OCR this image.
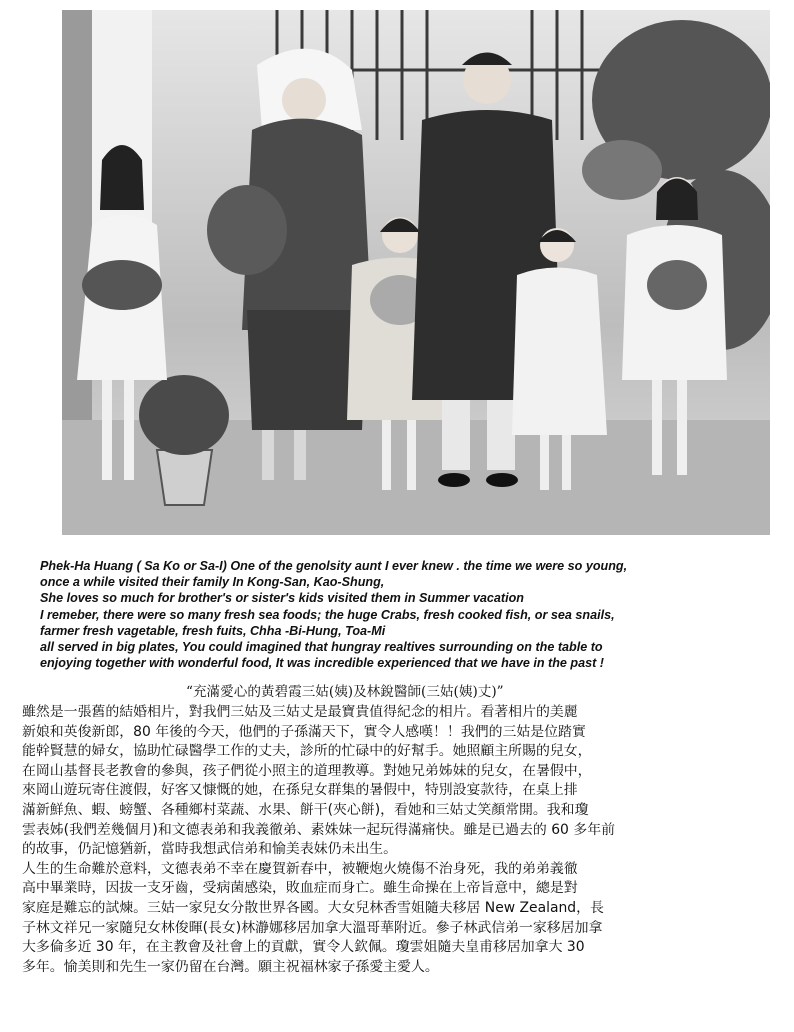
Phek-Ha Huang ( Sa Ko or Sa-I) One of the genolsity aunt I ever knew . the time we were so young,
once a while visited their family In Kong-San, Kao-Shung,
She loves so much for brother's or sister's kids visited them in Summer vacation
I remeber, there were so many fresh sea foods; the huge Crabs, fresh cooked fish, or sea snails,
farmer fresh vagetable, fresh fuits, Chha -Bi-Hung, Toa-Mi
all served in big plates, You could imagined that hungray realtives surrounding on the table to
enjoying together with wonderful food, It was incredible experienced that we have in the past !
“充滿愛心的黃碧霞三姑(姨)及林銳醫師(三姑(姨)丈)”
雖然是一張舊的結婚相片，對我們三姑及三姑丈是最寶貴值得紀念的相片。看著相片的美麗
新娘和英俊新郎，80 年後的今天，他們的子孫滿天下，實令人感嘆！！我們的三姑是位踏實
能幹賢慧的婦女，協助忙碌醫學工作的丈夫，診所的忙碌中的好幫手。她照顧主所賜的兒女，
在岡山基督長老教會的參與，孩子們從小照主的道理教導。對她兄弟姊妹的兒女，在暑假中，
來岡山遊玩寄住渡假，好客又慷慨的她，在孫兒女群集的暑假中，特別設宴款待，在桌上排
滿新鮮魚、蝦、螃蟹、各種鄉村菜蔬、水果、餅干(夾心餅)，看她和三姑丈笑顏常開。我和瓊
雲表姊(我們差幾個月)和文德表弟和我義徹弟、素姝妹一起玩得滿痛快。雖是已過去的 60 多年前
的故事，仍記憶猶新，當時我想武信弟和愉美表妹仍未出生。
人生的生命難於意料，文德表弟不幸在慶賀新春中，被鞭炮火燒傷不治身死，我的弟弟義徹
高中畢業時，因拔一支牙齒，受病菌感染，敗血症而身亡。雖生命操在上帝旨意中，總是對
家庭是難忘的試煉。三姑一家兒女分散世界各國。大女兒林香雪姐隨夫移居 New Zealand，長
子林文祥兄一家隨兒女林俊暉(長女)林瀞娜移居加拿大溫哥華附近。參子林武信弟一家移居加拿
大多倫多近 30 年，在主教會及社會上的貢獻，實令人欽佩。瓊雲姐隨夫皇甫移居加拿大 30
多年。愉美則和先生一家仍留在台灣。願主祝福林家子孫愛主愛人。
